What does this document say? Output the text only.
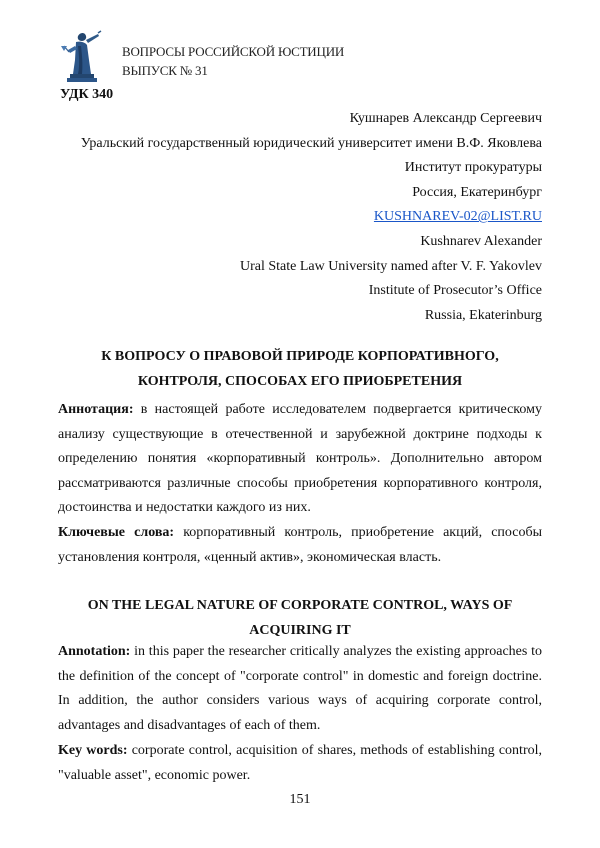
ВОПРОСЫ РОССИЙСКОЙ ЮСТИЦИИ
ВЫПУСК № 31
УДК 340
Кушнарев Александр Сергеевич
Уральский государственный юридический университет имени В.Ф. Яковлева
Институт прокуратуры
Россия, Екатеринбург
KUSHNAREV-02@LIST.RU
Kushnarev Alexander
Ural State Law University named after V. F. Yakovlev
Institute of Prosecutor’s Office
Russia, Ekaterinburg
К ВОПРОСУ О ПРАВОВОЙ ПРИРОДЕ КОРПОРАТИВНОГО,
КОНТРОЛЯ, СПОСОБАХ ЕГО ПРИОБРЕТЕНИЯ
Аннотация: в настоящей работе исследователем подвергается критическому
анализу существующие в отечественной и зарубежной доктрине подходы к
определению понятия «корпоративный контроль». Дополнительно автором
рассматриваются различные способы приобретения корпоративного контроля,
достоинства и недостатки каждого из них.
Ключевые слова: корпоративный контроль, приобретение акций, способы
установления контроля, «ценный актив», экономическая власть.
ON THE LEGAL NATURE OF CORPORATE CONTROL, WAYS OF
ACQUIRING IT
Annotation: in this paper the researcher critically analyzes the existing approaches to
the definition of the concept of "corporate control" in domestic and foreign doctrine.
In addition, the author considers various ways of acquiring corporate control,
advantages and disadvantages of each of them.
Key words: corporate control, acquisition of shares, methods of establishing control,
"valuable asset", economic power.
151
